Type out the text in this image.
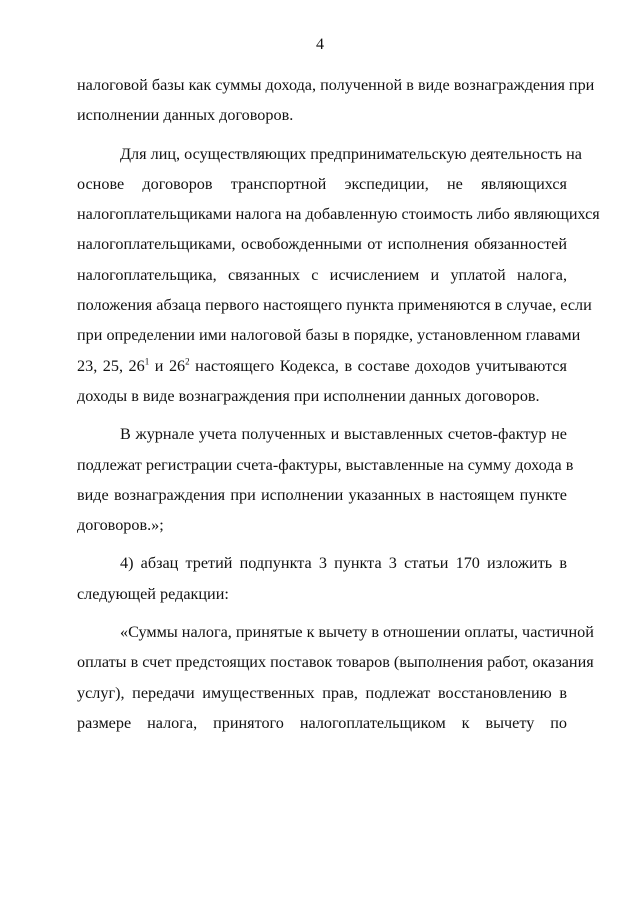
4
налоговой базы как суммы дохода, полученной в виде вознаграждения при
исполнении данных договоров.
Для лиц, осуществляющих предпринимательскую деятельность на
основе договоров транспортной экспедиции, не являющихся
налогоплательщиками налога на добавленную стоимость либо являющихся
налогоплательщиками, освобожденными от исполнения обязанностей
налогоплательщика, связанных с исчислением и уплатой налога,
положения абзаца первого настоящего пункта применяются в случае, если
при определении ими налоговой базы в порядке, установленном главами
23, 25, $26^1$ и $26^2$ настоящего Кодекса, в составе доходов учитываются
доходы в виде вознаграждения при исполнении данных договоров.
В журнале учета полученных и выставленных счетов-фактур не
подлежат регистрации счета-фактуры, выставленные на сумму дохода в
виде вознаграждения при исполнении указанных в настоящем пункте
договоров.»;
4) абзац третий подпункта 3 пункта 3 статьи 170 изложить в
следующей редакции:
«Суммы налога, принятые к вычету в отношении оплаты, частичной
оплаты в счет предстоящих поставок товаров (выполнения работ, оказания
услуг), передачи имущественных прав, подлежат восстановлению в
размере налога, принятого налогоплательщиком к вычету по
